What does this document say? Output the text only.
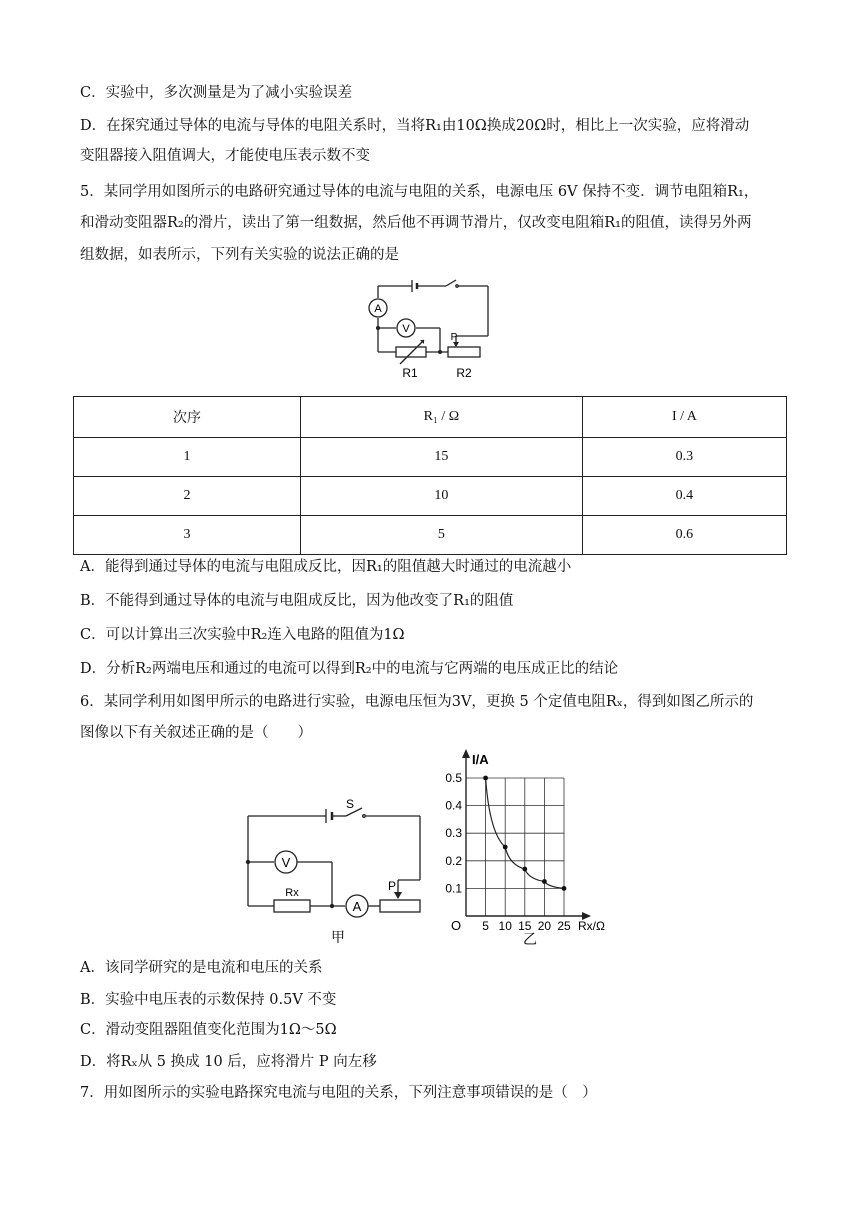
C．实验中，多次测量是为了减小实验误差
D．在探究通过导体的电流与导体的电阻关系时，当将R₁由10Ω换成20Ω时，相比上一次实验，应将滑动
变阻器接入阻值调大，才能使电压表示数不变
5．某同学用如图所示的电路研究通过导体的电流与电阻的关系，电源电压 6V 保持不变．调节电阻箱R₁，
和滑动变阻器R₂的滑片，读出了第一组数据，然后他不再调节滑片，仅改变电阻箱R₁的阻值，读得另外两
组数据，如表所示，下列有关实验的说法正确的是
A
V
P
R1	R2
次序	R₁ / Ω	I / A
1	15	0.3
2	10	0.4
3	5	0.6
A．能得到通过导体的电流与电阻成反比，因R₁的阻值越大时通过的电流越小
B．不能得到通过导体的电流与电阻成反比，因为他改变了R₁的阻值
C．可以计算出三次实验中R₂连入电路的阻值为1Ω
D．分析R₂两端电压和通过的电流可以得到R₂中的电流与它两端的电压成正比的结论
6．某同学利用如图甲所示的电路进行实验，电源电压恒为3V，更换 5 个定值电阻Rₓ，得到如图乙所示的
图像以下有关叙述正确的是（　　）
S
V
A
Rx	P
甲
5 10 15 20 25
0.1
0.2
0.3
0.4
0.5
I/A
Rx/Ω
O
乙
A．该同学研究的是电流和电压的关系
B．实验中电压表的示数保持 0.5V 不变
C．滑动变阻器阻值变化范围为1Ω～5Ω
D．将Rₓ从 5 换成 10 后，应将滑片 P 向左移
7．用如图所示的实验电路探究电流与电阻的关系，下列注意事项错误的是（　）
